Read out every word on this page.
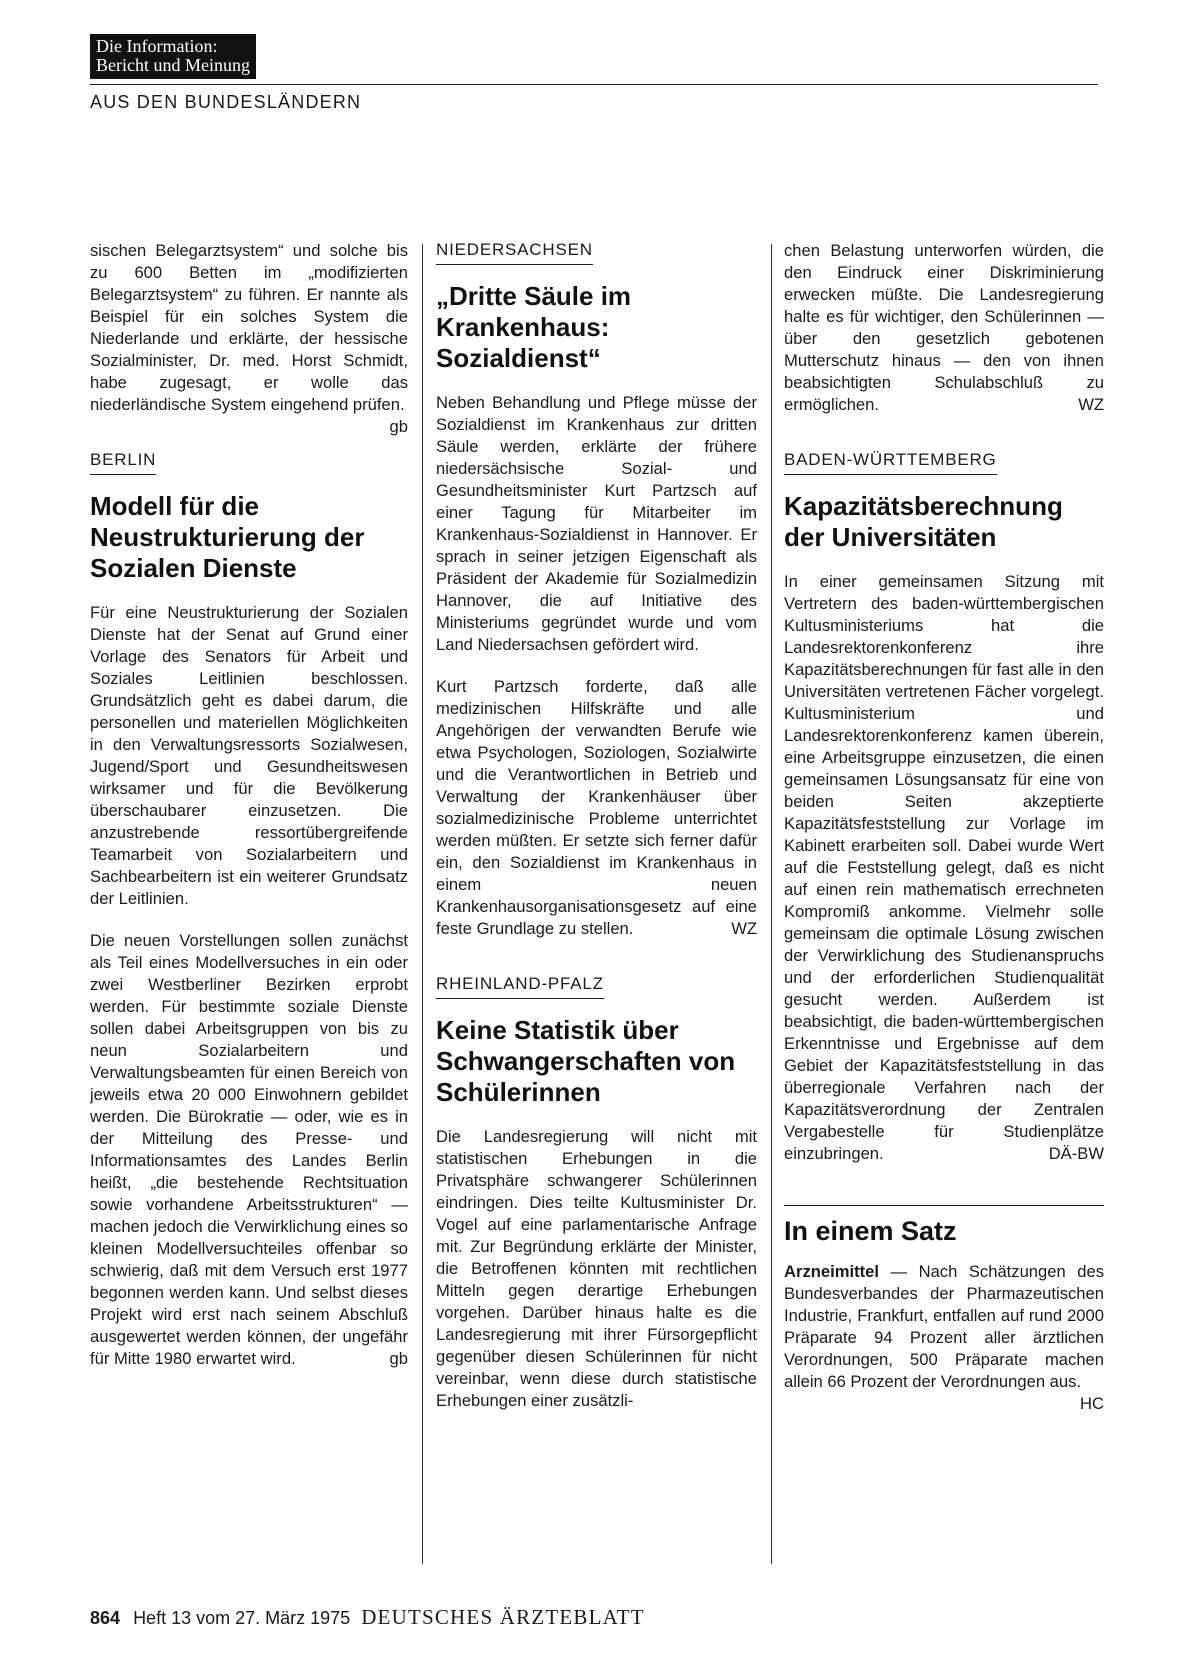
Die Information:
Bericht und Meinung
AUS DEN BUNDESLÄNDERN

sischen Belegarztsystem“ und solche bis zu 600 Betten im „modifizierten Belegarztsystem“ zu führen. Er nannte als Beispiel für ein solches System die Niederlande und erklärte, der hessische Sozialminister, Dr. med. Horst Schmidt, habe zugesagt, er wolle das niederländische System eingehend prüfen.
gb

BERLIN
Modell für die Neustrukturierung der Sozialen Dienste

Für eine Neustrukturierung der Sozialen Dienste hat der Senat auf Grund einer Vorlage des Senators für Arbeit und Soziales Leitlinien beschlossen. Grundsätzlich geht es dabei darum, die personellen und materiellen Möglichkeiten in den Verwaltungsressorts Sozialwesen, Jugend/Sport und Gesundheitswesen wirksamer und für die Bevölkerung überschaubarer einzusetzen. Die anzustrebende ressortübergreifende Teamarbeit von Sozialarbeitern und Sachbearbeitern ist ein weiterer Grundsatz der Leitlinien.

Die neuen Vorstellungen sollen zunächst als Teil eines Modellversuches in ein oder zwei Westberliner Bezirken erprobt werden. Für bestimmte soziale Dienste sollen dabei Arbeitsgruppen von bis zu neun Sozialarbeitern und Verwaltungsbeamten für einen Bereich von jeweils etwa 20 000 Einwohnern gebildet werden. Die Bürokratie — oder, wie es in der Mitteilung des Presse- und Informationsamtes des Landes Berlin heißt, „die bestehende Rechtsituation sowie vorhandene Arbeitsstrukturen“ — machen jedoch die Verwirklichung eines so kleinen Modellversuchteiles offenbar so schwierig, daß mit dem Versuch erst 1977 begonnen werden kann. Und selbst dieses Projekt wird erst nach seinem Abschluß ausgewertet werden können, der ungefähr für Mitte 1980 erwartet wird.	gb

NIEDERSACHSEN
„Dritte Säule im Krankenhaus: Sozialdienst“

Neben Behandlung und Pflege müsse der Sozialdienst im Krankenhaus zur dritten Säule werden, erklärte der frühere niedersächsische Sozial- und Gesundheitsminister Kurt Partzsch auf einer Tagung für Mitarbeiter im Krankenhaus-Sozialdienst in Hannover. Er sprach in seiner jetzigen Eigenschaft als Präsident der Akademie für Sozialmedizin Hannover, die auf Initiative des Ministeriums gegründet wurde und vom Land Niedersachsen gefördert wird.

Kurt Partzsch forderte, daß alle medizinischen Hilfskräfte und alle Angehörigen der verwandten Berufe wie etwa Psychologen, Soziologen, Sozialwirte und die Verantwortlichen in Betrieb und Verwaltung der Krankenhäuser über sozialmedizinische Probleme unterrichtet werden müßten. Er setzte sich ferner dafür ein, den Sozialdienst im Krankenhaus in einem neuen Krankenhausorganisationsgesetz auf eine feste Grundlage zu stellen.	WZ

RHEINLAND-PFALZ
Keine Statistik über Schwangerschaften von Schülerinnen

Die Landesregierung will nicht mit statistischen Erhebungen in die Privatsphäre schwangerer Schülerinnen eindringen. Dies teilte Kultusminister Dr. Vogel auf eine parlamentarische Anfrage mit. Zur Begründung erklärte der Minister, die Betroffenen könnten mit rechtlichen Mitteln gegen derartige Erhebungen vorgehen. Darüber hinaus halte es die Landesregierung mit ihrer Fürsorgepflicht gegenüber diesen Schülerinnen für nicht vereinbar, wenn diese durch statistische Erhebungen einer zusätzli-

chen Belastung unterworfen würden, die den Eindruck einer Diskriminierung erwecken müßte. Die Landesregierung halte es für wichtiger, den Schülerinnen — über den gesetzlich gebotenen Mutterschutz hinaus — den von ihnen beabsichtigten Schulabschluß zu ermöglichen.	WZ

BADEN-WÜRTTEMBERG
Kapazitätsberechnung der Universitäten

In einer gemeinsamen Sitzung mit Vertretern des baden-württembergischen Kultusministeriums hat die Landesrektorenkonferenz ihre Kapazitätsberechnungen für fast alle in den Universitäten vertretenen Fächer vorgelegt. Kultusministerium und Landesrektorenkonferenz kamen überein, eine Arbeitsgruppe einzusetzen, die einen gemeinsamen Lösungsansatz für eine von beiden Seiten akzeptierte Kapazitätsfeststellung zur Vorlage im Kabinett erarbeiten soll. Dabei wurde Wert auf die Feststellung gelegt, daß es nicht auf einen rein mathematisch errechneten Kompromiß ankomme. Vielmehr solle gemeinsam die optimale Lösung zwischen der Verwirklichung des Studienanspruchs und der erforderlichen Studienqualität gesucht werden. Außerdem ist beabsichtigt, die baden-württembergischen Erkenntnisse und Ergebnisse auf dem Gebiet der Kapazitätsfeststellung in das überregionale Verfahren nach der Kapazitätsverordnung der Zentralen Vergabestelle für Studienplätze einzubringen.	DÄ-BW

In einem Satz

Arzneimittel — Nach Schätzungen des Bundesverbandes der Pharmazeutischen Industrie, Frankfurt, entfallen auf rund 2000 Präparate 94 Prozent aller ärztlichen Verordnungen, 500 Präparate machen allein 66 Prozent der Verordnungen aus.
HC

864 Heft 13 vom 27. März 1975 DEUTSCHES ÄRZTEBLATT
